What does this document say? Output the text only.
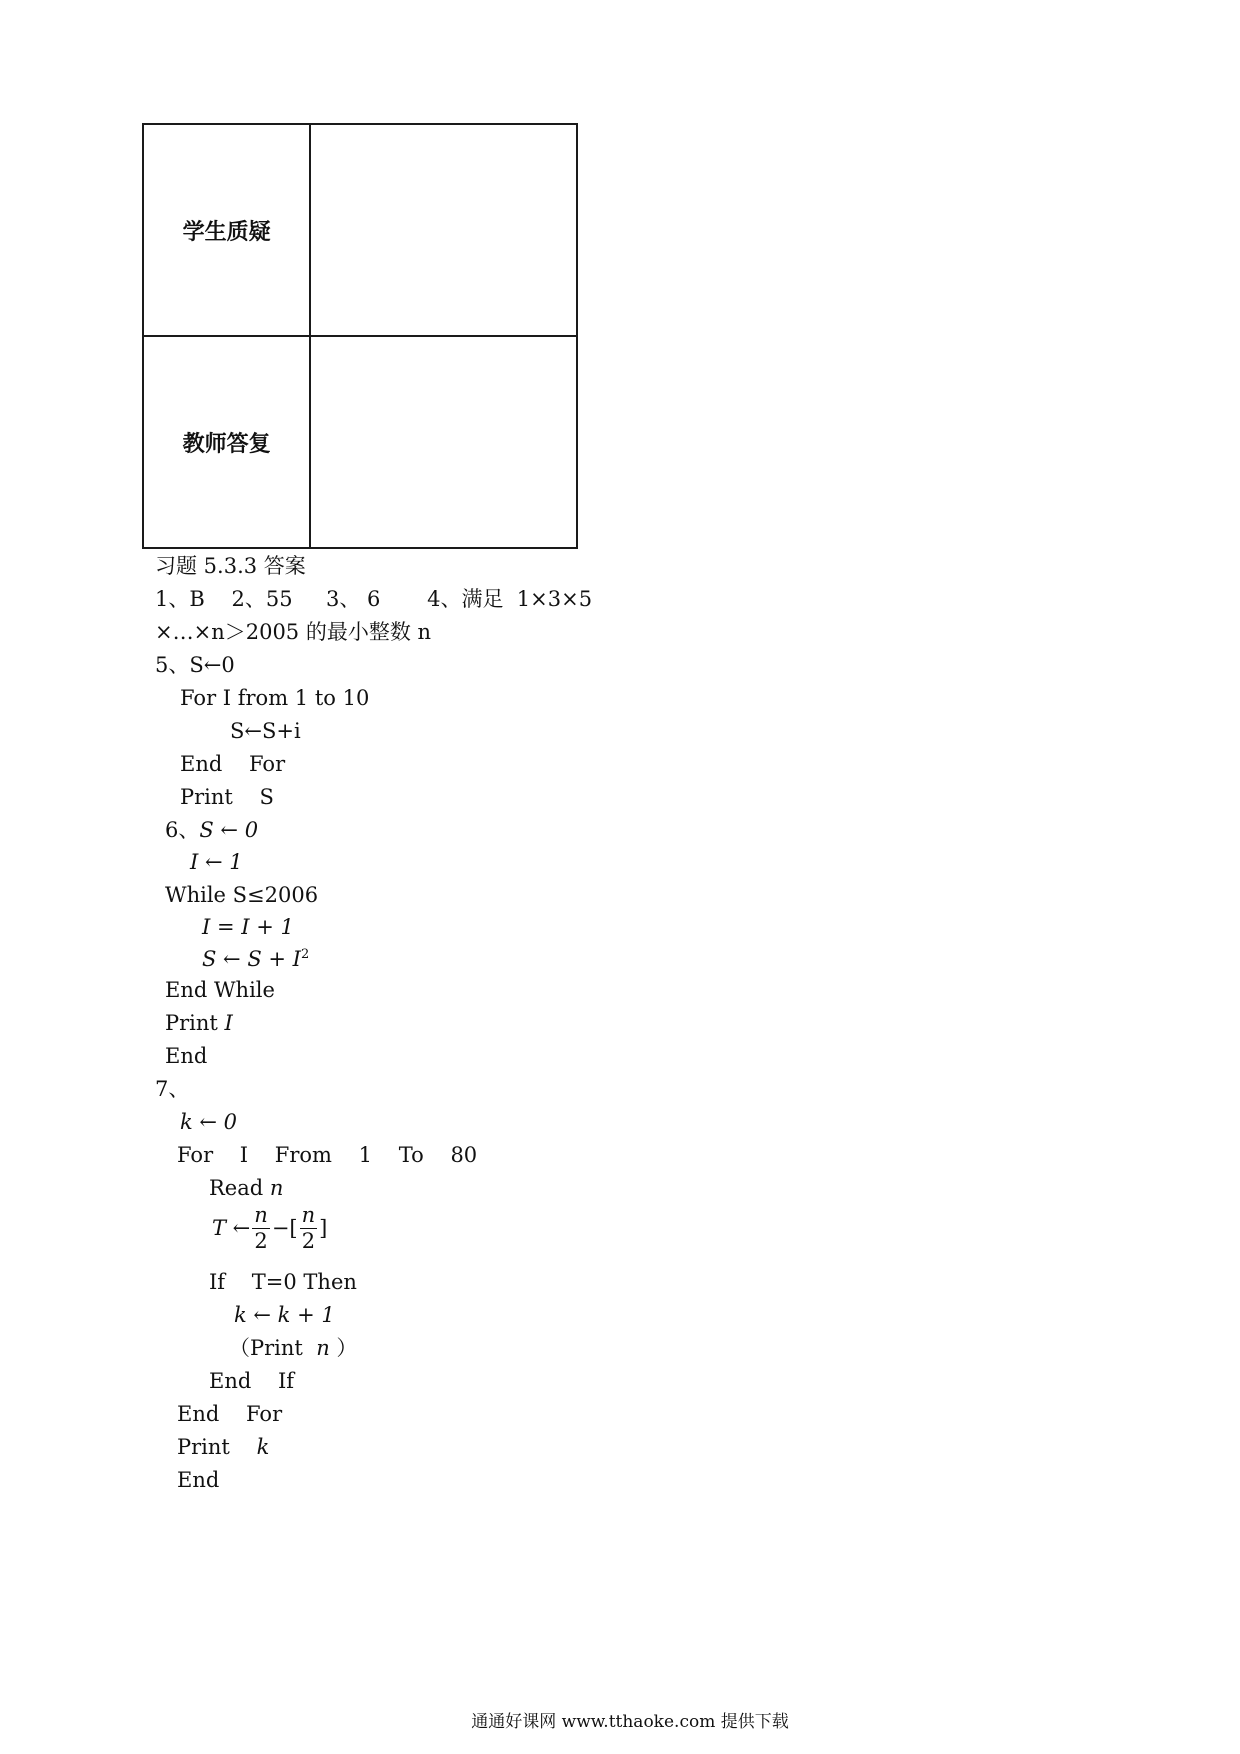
学生质疑	
教师答复	
习题 5.3.3 答案
1、B    2、55     3、 6       4、满足  1×3×5
×…×n＞2005 的最小整数 n
5、S←0
For I from 1 to 10
S←S+i
End    For
Print    S
6、S ← 0
I ← 1
While S≤2006
I = I + 1
S ← $S + I^2$
End While
Print I
End
7、
k ← 0
For    I    From    1    To    80
Read n
T ← $\frac{n}{2}$ −[ $\frac{n}{2}$ ]
If    T=0 Then
k ← k + 1
（Print  n ）
End    If
End    For
Print    k
End
通通好课网 www.tthaoke.com 提供下载
